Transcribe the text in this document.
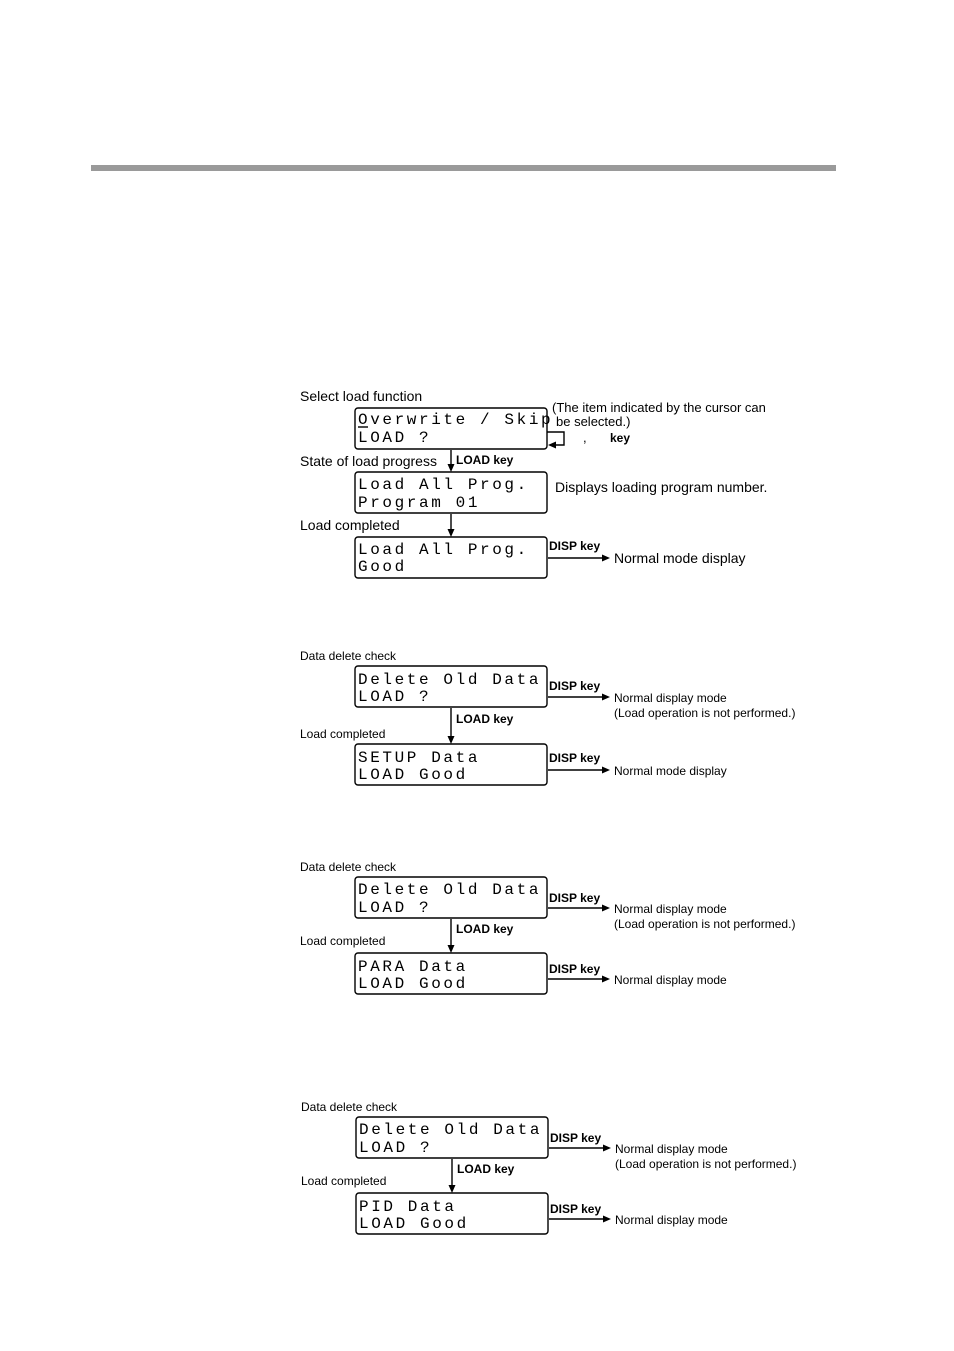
Select load function
Overwrite / Skip
LOAD ?
(The item indicated by the cursor can
be selected.)
, key
LOAD key
State of load progress
Load All Prog.
Program 01
Displays loading program number.
Load completed
Load All Prog.
Good
DISP key
Normal mode display
Data delete check
Delete Old Data
LOAD ?
DISP key
Normal display mode
(Load operation is not performed.)
LOAD key
Load completed
SETUP Data
LOAD Good
DISP key
Normal mode display
Data delete check
Delete Old Data
LOAD ?
DISP key
Normal display mode
(Load operation is not performed.)
LOAD key
Load completed
PARA Data
LOAD Good
DISP key
Normal display mode
Data delete check
Delete Old Data
LOAD ?
DISP key
Normal display mode
(Load operation is not performed.)
LOAD key
Load completed
PID Data
LOAD Good
DISP key
Normal display mode
